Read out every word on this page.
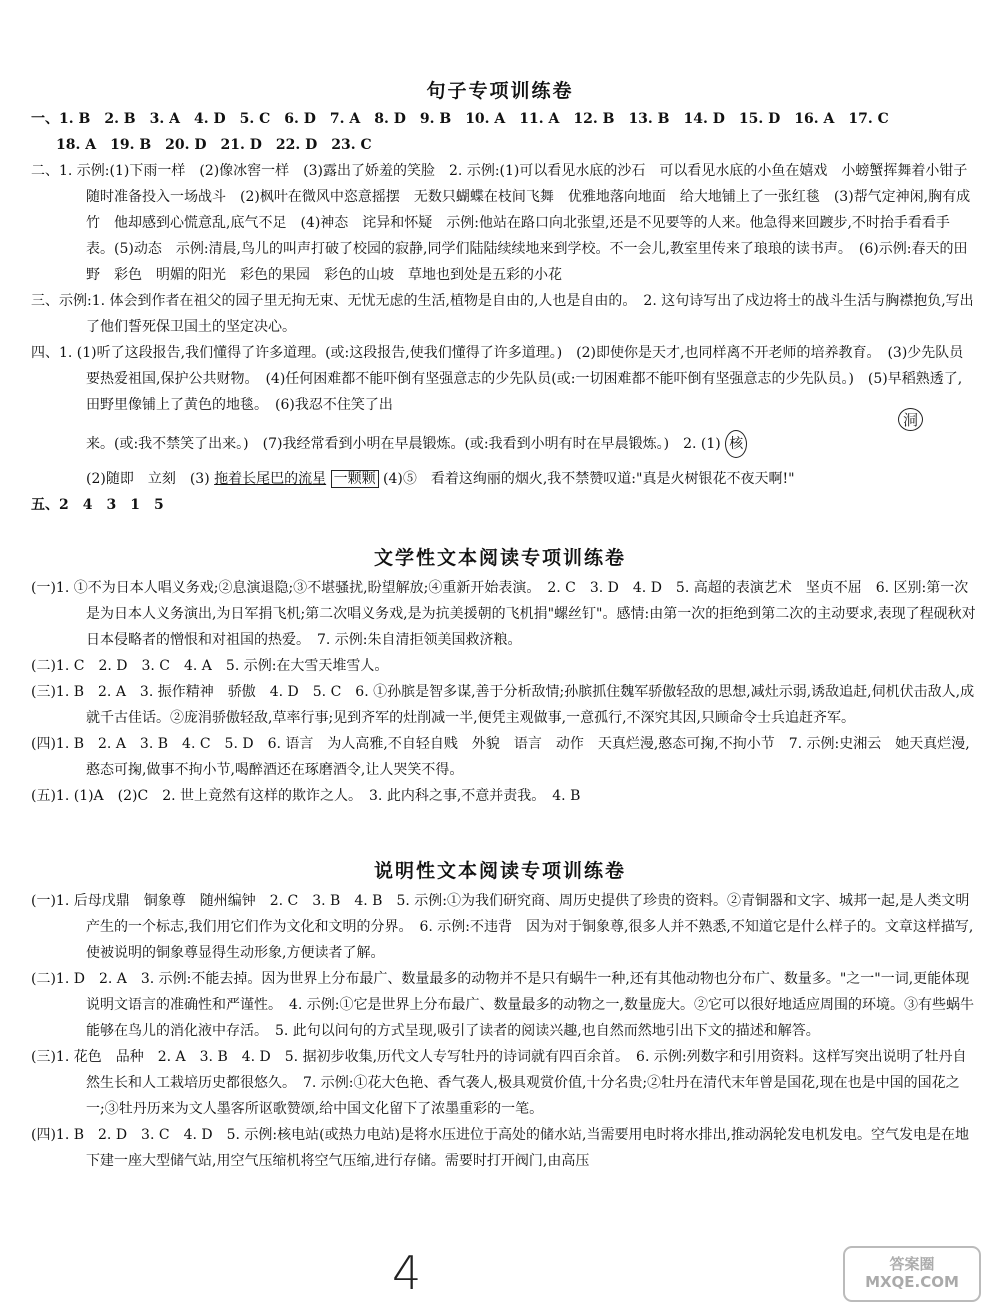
句子专项训练卷

一、1. B　2. B　3. A　4. D　5. C　6. D　7. A　8. D　9. B　10. A　11. A　12. B　13. B　14. D　15. D　16. A　17. C

18. A　19. B　20. D　21. D　22. D　23. C

二、1. 示例:(1)下雨一样　(2)像冰窖一样　(3)露出了娇羞的笑脸　2. 示例:(1)可以看见水底的沙石　可以看见水底的小鱼在嬉戏　小螃蟹挥舞着小钳子随时准备投入一场战斗　(2)枫叶在微风中恣意摇摆　无数只蝴蝶在枝间飞舞　优雅地落向地面　给大地铺上了一张红毯　(3)帮气定神闲,胸有成竹　他却感到心慌意乱,底气不足　(4)神态　诧异和怀疑　示例:他站在路口向北张望,还是不见要等的人来。他急得来回踱步,不时抬手看看手表。(5)动态　示例:清晨,鸟儿的叫声打破了校园的寂静,同学们陆陆续续地来到学校。不一会儿,教室里传来了琅琅的读书声。　(6)示例:春天的田野　彩色　明媚的阳光　彩色的果园　彩色的山坡　草地也到处是五彩的小花

三、示例:1. 体会到作者在祖父的园子里无拘无束、无忧无虑的生活,植物是自由的,人也是自由的。　2. 这句诗写出了戍边将士的战斗生活与胸襟抱负,写出了他们誓死保卫国土的坚定决心。

四、1. (1)听了这段报告,我们懂得了许多道理。(或:这段报告,使我们懂得了许多道理。)　(2)即使你是天才,也同样离不开老师的培养教育。　(3)少先队员要热爱祖国,保护公共财物。　(4)任何困难都不能吓倒有坚强意志的少先队员(或:一切困难都不能吓倒有坚强意志的少先队员。)　(5)早稻熟透了,田野里像铺上了黄色的地毯。　(6)我忍不住笑了出

来。(或:我不禁笑了出来。)　(7)我经常看到小明在早晨锻炼。(或:我看到小明有时在早晨锻炼。)　2. (1) 核

(2)随即　立刻　(3) 拖着长尾巴的流星 一颗颗 (4)⑤　看着这绚丽的烟火,我不禁赞叹道:"真是火树银花不夜天啊!"

五、2　4　3　1　5

洞
文学性文本阅读专项训练卷

(一)1. ①不为日本人唱义务戏;②息演退隐;③不堪骚扰,盼望解放;④重新开始表演。　2. C　3. D　4. D　5. 高超的表演艺术　坚贞不屈　6. 区别:第一次是为日本人义务演出,为日军捐飞机;第二次唱义务戏,是为抗美援朝的飞机捐"螺丝钉"。感情:由第一次的拒绝到第二次的主动要求,表现了程砚秋对日本侵略者的憎恨和对祖国的热爱。　7. 示例:朱自清拒领美国救济粮。

(二)1. C　2. D　3. C　4. A　5. 示例:在大雪天堆雪人。

(三)1. B　2. A　3. 振作精神　骄傲　4. D　5. C　6. ①孙膑是智多谋,善于分析敌情;孙膑抓住魏军骄傲轻敌的思想,减灶示弱,诱敌追赶,伺机伏击敌人,成就千古佳话。②庞涓骄傲轻敌,草率行事;见到齐军的灶削减一半,便凭主观做事,一意孤行,不深究其因,只顾命令士兵追赶齐军。

(四)1. B　2. A　3. B　4. C　5. D　6. 语言　为人高雅,不自轻自贱　外貌　语言　动作　天真烂漫,憨态可掬,不拘小节　7. 示例:史湘云　她天真烂漫,憨态可掬,做事不拘小节,喝醉酒还在琢磨酒令,让人哭笑不得。

(五)1. (1)A　(2)C　2. 世上竟然有这样的欺诈之人。　3. 此内科之事,不意并责我。　4. B

说明性文本阅读专项训练卷

(一)1. 后母戊鼎　铜象尊　随州编钟　2. C　3. B　4. B　5. 示例:①为我们研究商、周历史提供了珍贵的资料。②青铜器和文字、城邦一起,是人类文明产生的一个标志,我们用它们作为文化和文明的分界。　6. 示例:不违背　因为对于铜象尊,很多人并不熟悉,不知道它是什么样子的。文章这样描写,使被说明的铜象尊显得生动形象,方便读者了解。

(二)1. D　2. A　3. 示例:不能去掉。因为世界上分布最广、数量最多的动物并不是只有蜗牛一种,还有其他动物也分布广、数量多。"之一"一词,更能体现说明文语言的准确性和严谨性。　4. 示例:①它是世界上分布最广、数量最多的动物之一,数量庞大。②它可以很好地适应周围的环境。③有些蜗牛能够在鸟儿的消化液中存活。　5. 此句以问句的方式呈现,吸引了读者的阅读兴趣,也自然而然地引出下文的描述和解答。

(三)1. 花色　品种　2. A　3. B　4. D　5. 据初步收集,历代文人专写牡丹的诗词就有四百余首。　6. 示例:列数字和引用资料。这样写突出说明了牡丹自然生长和人工栽培历史都很悠久。　7. 示例:①花大色艳、香气袭人,极具观赏价值,十分名贵;②牡丹在清代末年曾是国花,现在也是中国的国花之一;③牡丹历来为文人墨客所讴歌赞颂,给中国文化留下了浓墨重彩的一笔。

(四)1. B　2. D　3. C　4. D　5. 示例:核电站(或热力电站)是将水压进位于高处的储水站,当需要用电时将水排出,推动涡轮发电机发电。空气发电是在地下建一座大型储气站,用空气压缩机将空气压缩,进行存储。需要时打开阀门,由高压

4	答案圈 MXQE.COM
